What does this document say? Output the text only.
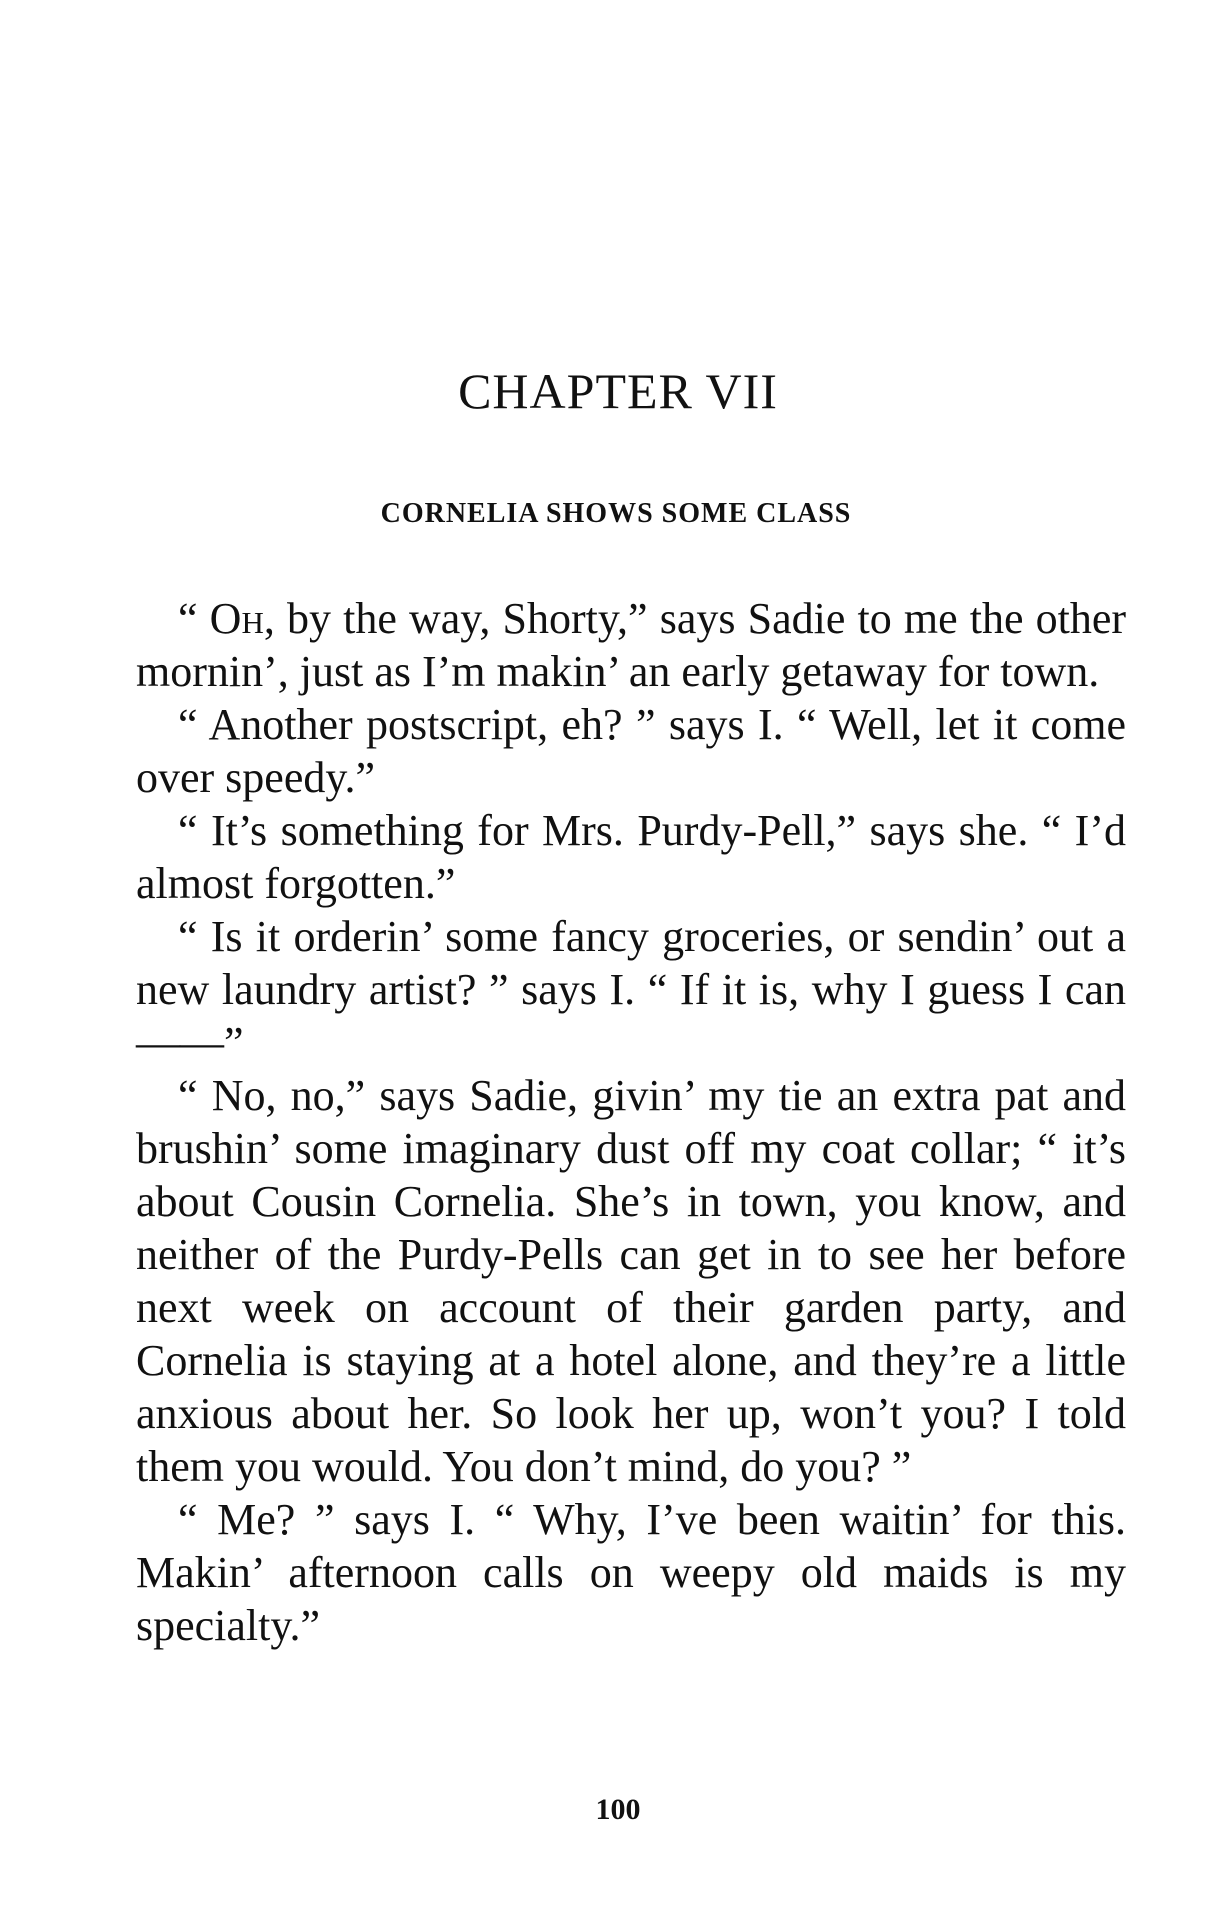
CHAPTER VII
CORNELIA SHOWS SOME CLASS

“ Oh, by the way, Shorty,” says Sadie to me the other mornin’, just as I’m makin’ an early getaway for town.

“ Another postscript, eh? ” says I. “ Well, let it come over speedy.”

“ It’s something for Mrs. Purdy-Pell,” says she. “ I’d almost forgotten.”

“ Is it orderin’ some fancy groceries, or sendin’ out a new laundry artist? ” says I. “ If it is, why I guess I can——”

“ No, no,” says Sadie, givin’ my tie an extra pat and brushin’ some imaginary dust off my coat collar; “ it’s about Cousin Cornelia. She’s in town, you know, and neither of the Purdy-Pells can get in to see her before next week on account of their garden party, and Cornelia is staying at a hotel alone, and they’re a little anxious about her. So look her up, won’t you? I told them you would. You don’t mind, do you? ”

“ Me? ” says I. “ Why, I’ve been waitin’ for this. Makin’ afternoon calls on weepy old maids is my specialty.”

100
